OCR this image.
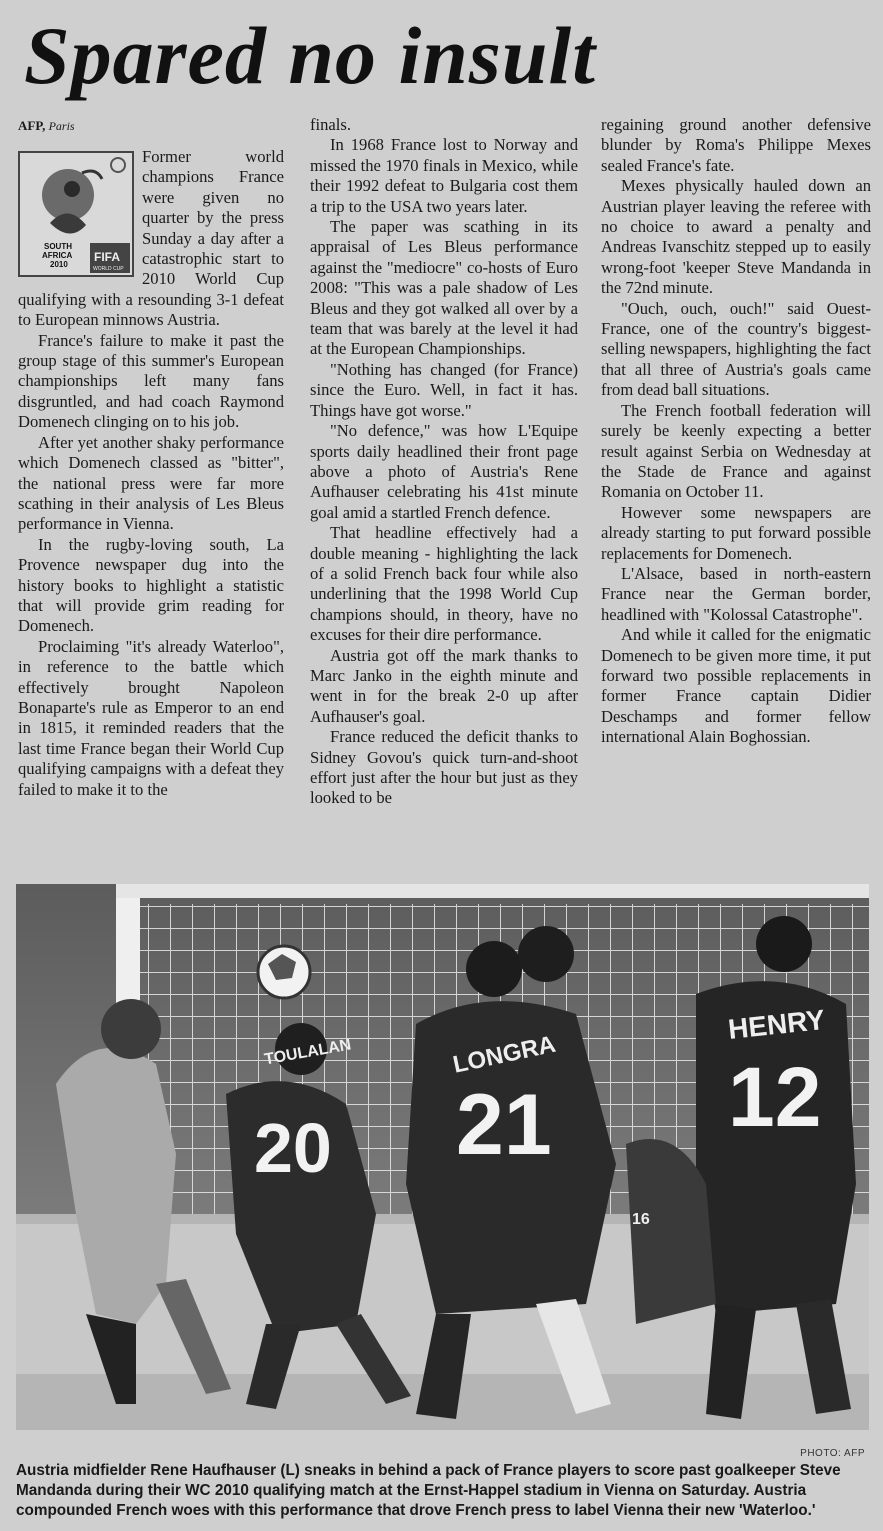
Spared no insult
AFP, Paris
SOUTH
AFRICA
2010
FIFA
WORLD CUP

Former world champions France were given no quarter by the press Sunday a day after a catastrophic start to 2010 World Cup qualifying with a resounding 3-1 defeat to European minnows Austria.

France's failure to make it past the group stage of this summer's European championships left many fans disgruntled, and had coach Raymond Domenech clinging on to his job.

After yet another shaky performance which Domenech classed as "bitter", the national press were far more scathing in their analysis of Les Bleus performance in Vienna.

In the rugby-loving south, La Provence newspaper dug into the history books to highlight a statistic that will provide grim reading for Domenech.

Proclaiming "it's already Waterloo", in reference to the battle which effectively brought Napoleon Bonaparte's rule as Emperor to an end in 1815, it reminded readers that the last time France began their World Cup qualifying campaigns with a defeat they failed to make it to the

finals.

In 1968 France lost to Norway and missed the 1970 finals in Mexico, while their 1992 defeat to Bulgaria cost them a trip to the USA two years later.

The paper was scathing in its appraisal of Les Bleus performance against the "mediocre" co-hosts of Euro 2008: "This was a pale shadow of Les Bleus and they got walked all over by a team that was barely at the level it had at the European Championships.

"Nothing has changed (for France) since the Euro. Well, in fact it has. Things have got worse."

"No defence," was how L'Equipe sports daily headlined their front page above a photo of Austria's Rene Aufhauser celebrating his 41st minute goal amid a startled French defence.

That headline effectively had a double meaning - highlighting the lack of a solid French back four while also underlining that the 1998 World Cup champions should, in theory, have no excuses for their dire performance.

Austria got off the mark thanks to Marc Janko in the eighth minute and went in for the break 2-0 up after Aufhauser's goal.

France reduced the deficit thanks to Sidney Govou's quick turn-and-shoot effort just after the hour but just as they looked to be

regaining ground another defensive blunder by Roma's Philippe Mexes sealed France's fate.

Mexes physically hauled down an Austrian player leaving the referee with no choice to award a penalty and Andreas Ivanschitz stepped up to easily wrong-foot 'keeper Steve Mandanda in the 72nd minute.

"Ouch, ouch, ouch!" said Ouest-France, one of the country's biggest-selling newspapers, highlighting the fact that all three of Austria's goals came from dead ball situations.

The French football federation will surely be keenly expecting a better result against Serbia on Wednesday at the Stade de France and against Romania on October 11.

However some newspapers are already starting to put forward possible replacements for Domenech.

L'Alsace, based in north-eastern France near the German border, headlined with "Kolossal Catastrophe".

And while it called for the enigmatic Domenech to be given more time, it put forward two possible replacements in former France captain Didier Deschamps and former fellow international Alain Boghossian.

TOULALAN
20
LONGRA
21
HENRY
12
16
PHOTO: AFP
Austria midfielder Rene Haufhauser (L) sneaks in behind a pack of France players to score past goalkeeper Steve Mandanda during their WC 2010 qualifying match at the Ernst-Happel stadium in Vienna on Saturday. Austria compounded French woes with this performance that drove French press to label Vienna their new 'Waterloo.'
